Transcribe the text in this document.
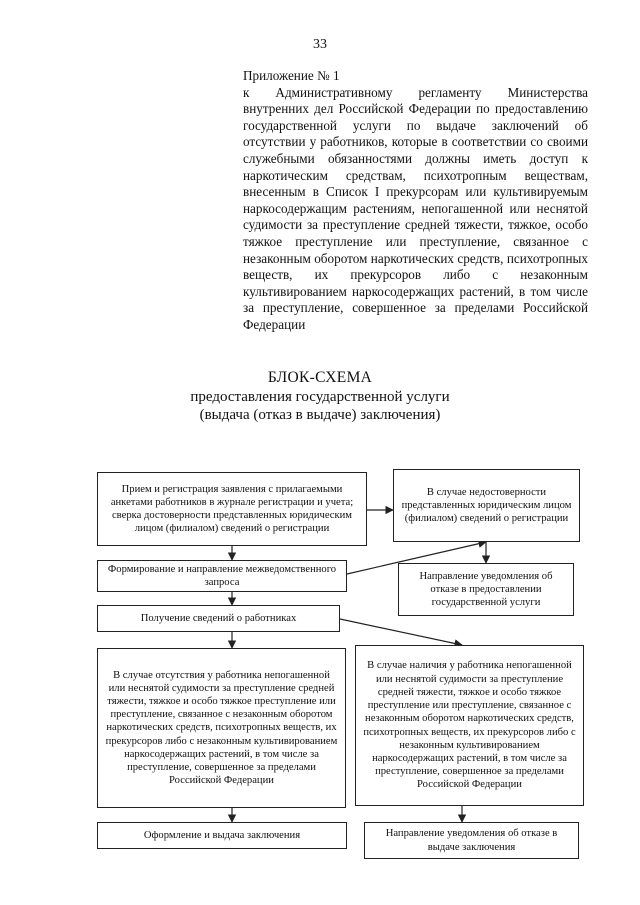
33
Приложение № 1
к Административному регламенту Министерства внутренних дел Российской Федерации по предоставлению государственной услуги по выдаче заключений об отсутствии у работников, которые в соответствии со своими служебными обязанностями должны иметь доступ к наркотическим средствам, психотропным веществам, внесенным в Список I прекурсорам или культивируемым наркосодержащим растениям, непогашенной или неснятой судимости за преступление средней тяжести, тяжкое, особо тяжкое преступление или преступление, связанное с незаконным оборотом наркотических средств, психотропных веществ, их прекурсоров либо с незаконным культивированием наркосодержащих растений, в том числе за преступление, совершенное за пределами Российской Федерации
БЛОК-СХЕМА
предоставления государственной услуги
(выдача (отказ в выдаче) заключения)
Прием и регистрация заявления с прилагаемыми анкетами работников в журнале регистрации и учета; сверка достоверности представленных юридическим лицом (филиалом) сведений о регистрации
В случае недостоверности представленных юридическим лицом (филиалом) сведений о регистрации
Формирование и направление межведомственного запроса
Направление уведомления об отказе в предоставлении государственной услуги
Получение сведений о работниках
В случае отсутствия у работника непогашенной или неснятой судимости за преступление средней тяжести, тяжкое и особо тяжкое преступление или преступление, связанное с незаконным оборотом наркотических средств, психотропных веществ, их прекурсоров либо с незаконным культивированием наркосодержащих растений, в том числе за преступление, совершенное за пределами Российской Федерации
В случае наличия у работника непогашенной или неснятой судимости за преступление средней тяжести, тяжкое и особо тяжкое преступление или преступление, связанное с незаконным оборотом наркотических средств, психотропных веществ, их прекурсоров либо с незаконным культивированием наркосодержащих растений, в том числе за преступление, совершенное за пределами Российской Федерации
Оформление и выдача заключения	Направление уведомления об отказе в выдаче заключения
